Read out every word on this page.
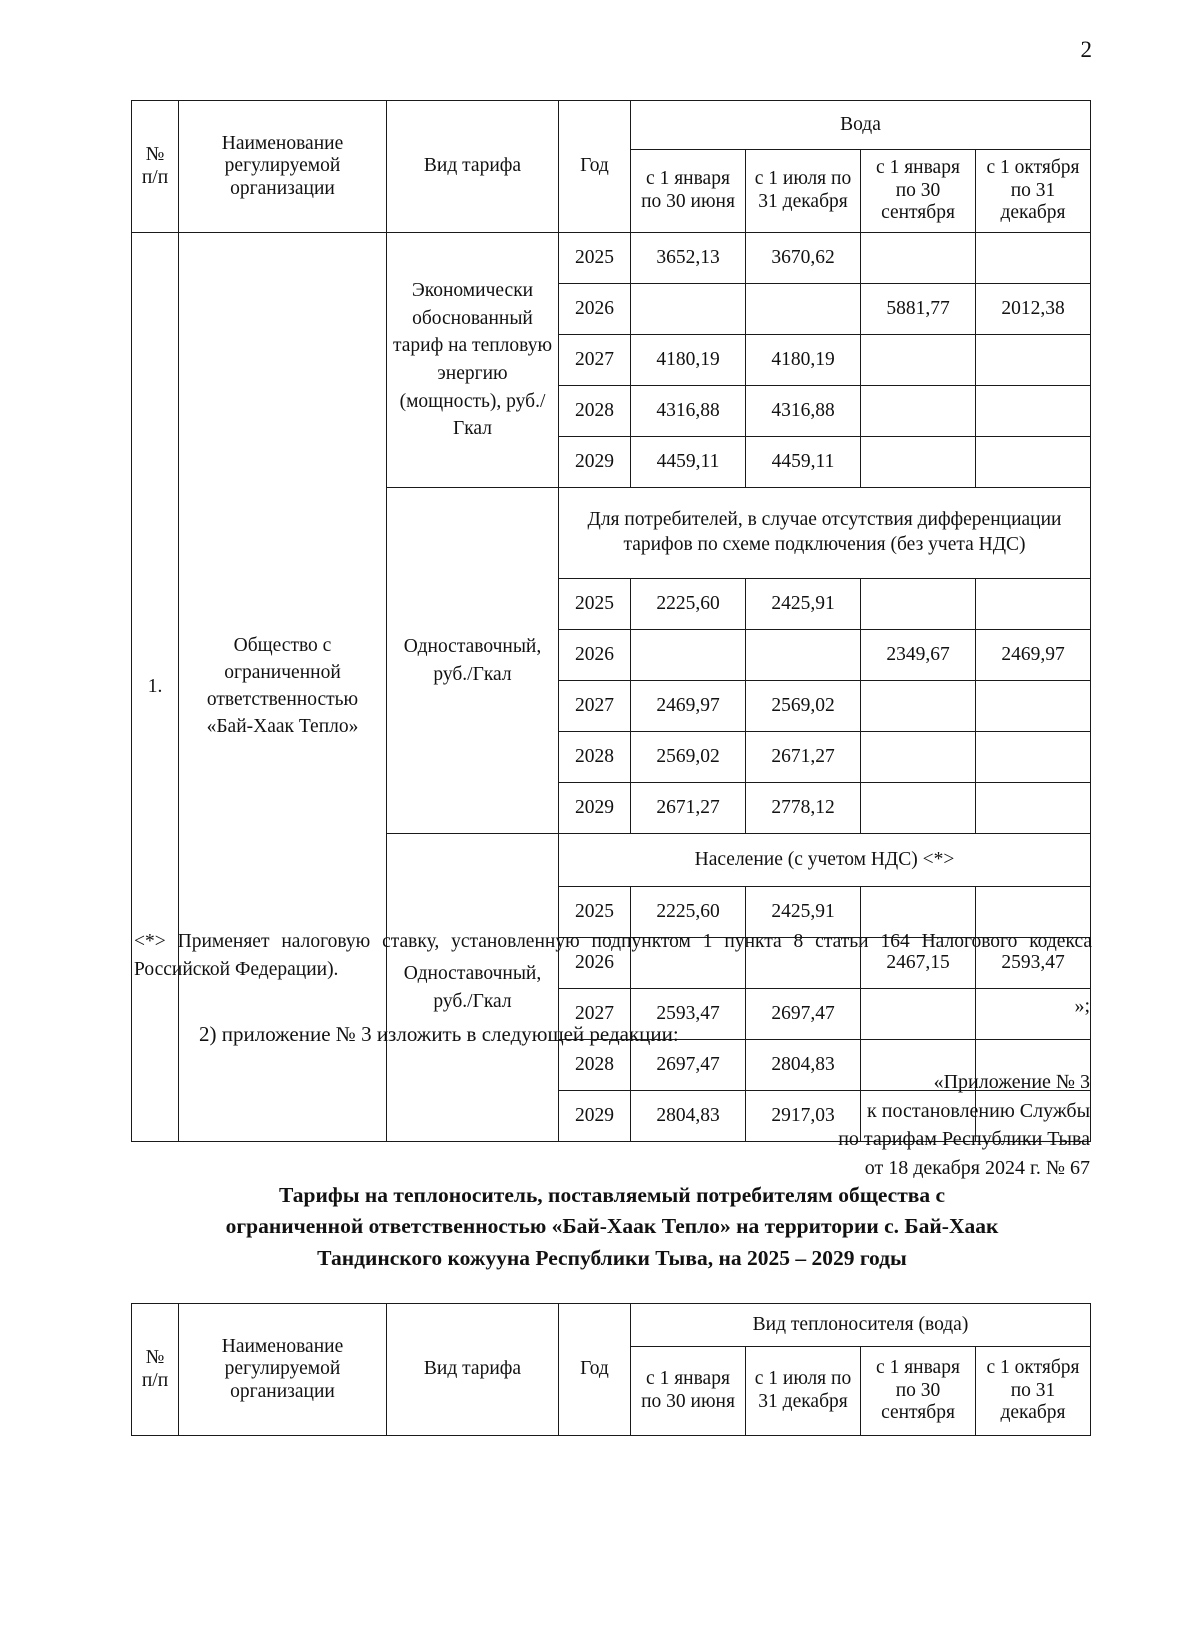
2
№
п/п	Наименование регулируемой организации	Вид тарифа	Год	Вода			
				с 1 января по 30 июня	с 1 июля по 31 декабря	с 1 января по 30 сентября	с 1 октября по 31 декабря
1.	Общество с ограниченной ответственностью «Бай-Хаак Тепло»	Экономически обоснованный тариф на тепловую энергию (мощность), руб./Гкал	2025	3652,13	3670,62		
			2026			5881,77	2012,38
			2027	4180,19	4180,19		
			2028	4316,88	4316,88		
			2029	4459,11	4459,11		
		Одноставочный, руб./Гкал	Для потребителей, в случае отсутствия дифференциации тарифов по схеме подключения (без учета НДС)				
			2025	2225,60	2425,91		
			2026			2349,67	2469,97
			2027	2469,97	2569,02		
			2028	2569,02	2671,27		
			2029	2671,27	2778,12		
		Одноставочный, руб./Гкал	Население (с учетом НДС) <*>				
			2025	2225,60	2425,91		
			2026			2467,15	2593,47
			2027	2593,47	2697,47		
			2028	2697,47	2804,83		
			2029	2804,83	2917,03		
<*> Применяет налоговую ставку, установленную подпунктом 1 пункта 8 статьи 164 Налогового кодекса Российской Федерации).
»;
2) приложение № 3 изложить в следующей редакции:
«Приложение № 3
к постановлению Службы
по тарифам Республики Тыва
от 18 декабря 2024 г. № 67
Тарифы на теплоноситель, поставляемый потребителям общества с
ограниченной ответственностью «Бай-Хаак Тепло» на территории с. Бай-Хаак
Тандинского кожууна Республики Тыва, на 2025 – 2029 годы
№
п/п	Наименование регулируемой организации	Вид тарифа	Год	Вид теплоносителя (вода)			
				с 1 января по 30 июня	с 1 июля по 31 декабря	с 1 января по 30 сентября	с 1 октября по 31 декабря
